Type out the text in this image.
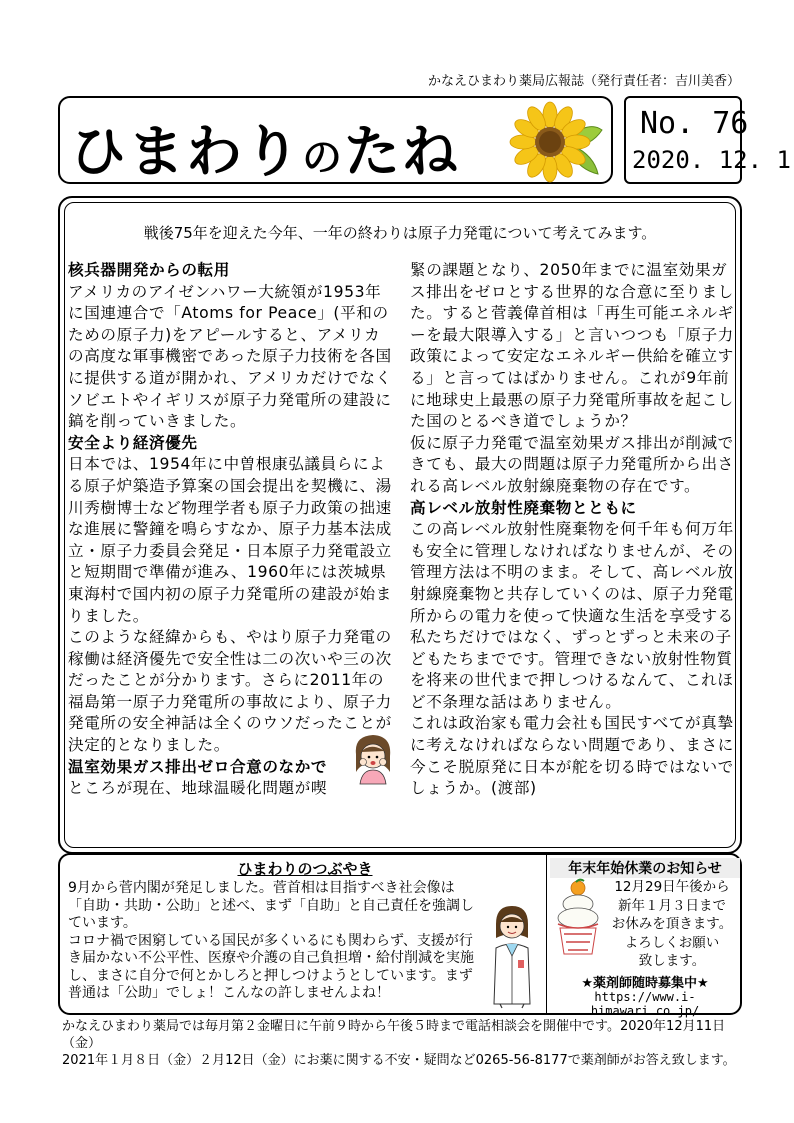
かなえひまわり薬局広報誌（発行責任者：吉川美香）
ひまわりのたね	No. 76
2020. 12. 1
戦後75年を迎えた今年、一年の終わりは原子力発電について考えてみます。
核兵器開発からの転用

アメリカのアイゼンハワー大統領が1953年に国連連合で「Atoms for Peace」(平和のための原子力)をアピールすると、アメリカの高度な軍事機密であった原子力技術を各国に提供する道が開かれ、アメリカだけでなくソビエトやイギリスが原子力発電所の建設に鎬を削っていきました。

安全より経済優先

日本では、1954年に中曽根康弘議員らによる原子炉築造予算案の国会提出を契機に、湯川秀樹博士など物理学者も原子力政策の拙速な進展に警鐘を鳴らすなか、原子力基本法成立・原子力委員会発足・日本原子力発電設立と短期間で準備が進み、1960年には茨城県東海村で国内初の原子力発電所の建設が始まりました。

このような経緯からも、やはり原子力発電の稼働は経済優先で安全性は二の次いや三の次だったことが分かります。さらに2011年の福島第一原子力発電所の事故により、原子力発電所の安全神話は全くのウソだったことが決定的となりました。

温室効果ガス排出ゼロ合意のなかで

ところが現在、地球温暖化問題が喫

緊の課題となり、2050年までに温室効果ガス排出をゼロとする世界的な合意に至りました。すると菅義偉首相は「再生可能エネルギーを最大限導入する」と言いつつも「原子力政策によって安定なエネルギー供給を確立する」と言ってはばかりません。これが9年前に地球史上最悪の原子力発電所事故を起こした国のとるべき道でしょうか？

仮に原子力発電で温室効果ガス排出が削減できても、最大の問題は原子力発電所から出される高レベル放射線廃棄物の存在です。

高レベル放射性廃棄物とともに

この高レベル放射性廃棄物を何千年も何万年も安全に管理しなければなりませんが、その管理方法は不明のまま。そして、高レベル放射線廃棄物と共存していくのは、原子力発電所からの電力を使って快適な生活を享受する私たちだけではなく、ずっとずっと未来の子どもたちまでです。管理できない放射性物質を将来の世代まで押しつけるなんて、これほど不条理な話はありません。

これは政治家も電力会社も国民すべてが真摯に考えなければならない問題であり、まさに今こそ脱原発に日本が舵を切る時ではないでしょうか。(渡部)

ひまわりのつぶやき
9月から菅内閣が発足しました。菅首相は目指すべき社会像は「自助・共助・公助」と述べ、まず「自助」と自己責任を強調しています。
コロナ禍で困窮している国民が多くいるにも関わらず、支援が行き届かない不公平性、医療や介護の自己負担増・給付削減を実施し、まさに自分で何とかしろと押しつけようとしています。まず普通は「公助」でしょ！こんなの許しませんよね！
年末年始休業のお知らせ
12月29日午後から
新年１月３日まで
お休みを頂きます。
よろしくお願い
致します。
★薬剤師随時募集中★
https://www.i-himawari.co.jp/
かなえひまわり薬局では毎月第２金曜日に午前９時から午後５時まで電話相談会を開催中です。2020年12月11日（金）
2021年１月８日（金）２月12日（金）にお薬に関する不安・疑問など0265-56-8177で薬剤師がお答え致します。
